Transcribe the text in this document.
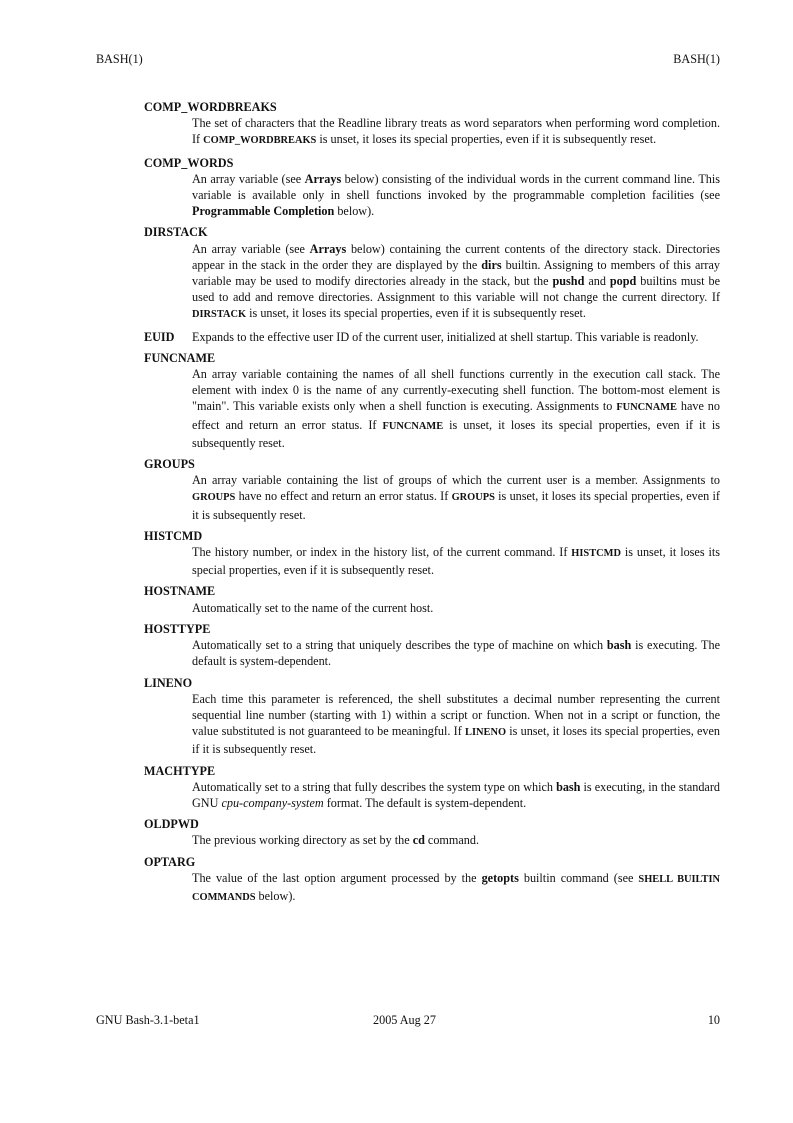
BASH(1)	BASH(1)
COMP_WORDBREAKS
The set of characters that the Readline library treats as word separators when performing word completion. If COMP_WORDBREAKS is unset, it loses its special properties, even if it is subsequently reset.
COMP_WORDS
An array variable (see Arrays below) consisting of the individual words in the current command line. This variable is available only in shell functions invoked by the programmable completion facilities (see Programmable Completion below).
DIRSTACK
An array variable (see Arrays below) containing the current contents of the directory stack. Directories appear in the stack in the order they are displayed by the dirs builtin. Assigning to members of this array variable may be used to modify directories already in the stack, but the pushd and popd builtins must be used to add and remove directories. Assignment to this variable will not change the current directory. If DIRSTACK is unset, it loses its special properties, even if it is subsequently reset.
EUID Expands to the effective user ID of the current user, initialized at shell startup. This variable is readonly.
FUNCNAME
An array variable containing the names of all shell functions currently in the execution call stack. The element with index 0 is the name of any currently-executing shell function. The bottom-most element is "main". This variable exists only when a shell function is executing. Assignments to FUNCNAME have no effect and return an error status. If FUNCNAME is unset, it loses its special properties, even if it is subsequently reset.
GROUPS
An array variable containing the list of groups of which the current user is a member. Assignments to GROUPS have no effect and return an error status. If GROUPS is unset, it loses its special properties, even if it is subsequently reset.
HISTCMD
The history number, or index in the history list, of the current command. If HISTCMD is unset, it loses its special properties, even if it is subsequently reset.
HOSTNAME
Automatically set to the name of the current host.
HOSTTYPE
Automatically set to a string that uniquely describes the type of machine on which bash is executing. The default is system-dependent.
LINENO
Each time this parameter is referenced, the shell substitutes a decimal number representing the current sequential line number (starting with 1) within a script or function. When not in a script or function, the value substituted is not guaranteed to be meaningful. If LINENO is unset, it loses its special properties, even if it is subsequently reset.
MACHTYPE
Automatically set to a string that fully describes the system type on which bash is executing, in the standard GNU cpu-company-system format. The default is system-dependent.
OLDPWD
The previous working directory as set by the cd command.
OPTARG
The value of the last option argument processed by the getopts builtin command (see SHELL BUILTIN COMMANDS below).
GNU Bash-3.1-beta1	2005 Aug 27	10
